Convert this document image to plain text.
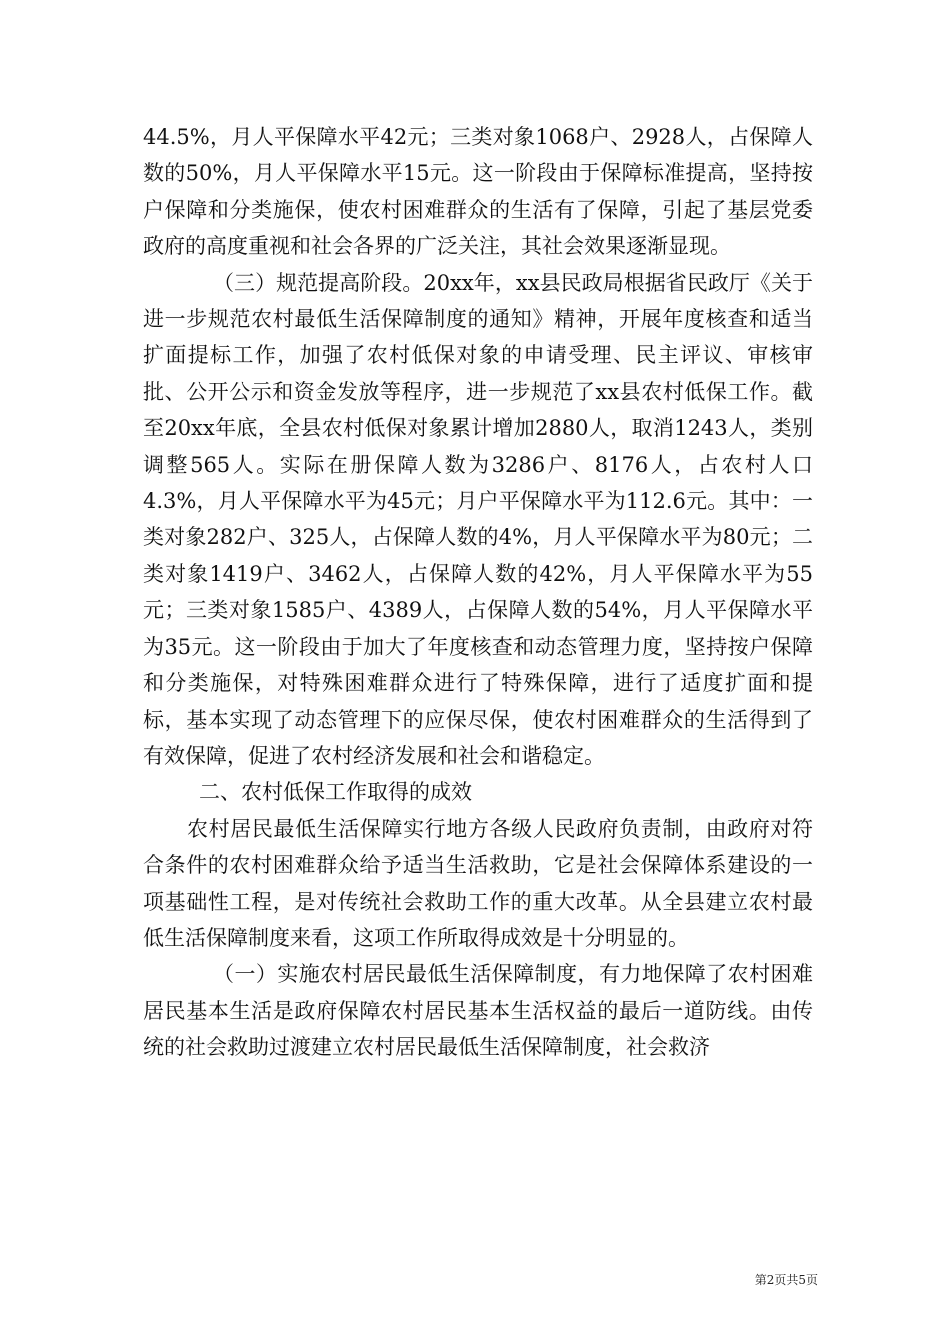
44.5%，月人平保障水平42元；三类对象1068户、2928人，占保障人数的50%，月人平保障水平15元。这一阶段由于保障标准提高，坚持按户保障和分类施保，使农村困难群众的生活有了保障，引起了基层党委政府的高度重视和社会各界的广泛关注，其社会效果逐渐显现。

（三）规范提高阶段。20xx年，xx县民政局根据省民政厅《关于进一步规范农村最低生活保障制度的通知》精神，开展年度核查和适当扩面提标工作，加强了农村低保对象的申请受理、民主评议、审核审批、公开公示和资金发放等程序，进一步规范了xx县农村低保工作。截至20xx年底，全县农村低保对象累计增加2880人，取消1243人，类别调整565人。实际在册保障人数为3286户、8176人，占农村人口4.3%，月人平保障水平为45元；月户平保障水平为112.6元。其中：一类对象282户、325人，占保障人数的4%，月人平保障水平为80元；二类对象1419户、3462人，占保障人数的42%，月人平保障水平为55元；三类对象1585户、4389人，占保障人数的54%，月人平保障水平为35元。这一阶段由于加大了年度核查和动态管理力度，坚持按户保障和分类施保，对特殊困难群众进行了特殊保障，进行了适度扩面和提标，基本实现了动态管理下的应保尽保，使农村困难群众的生活得到了有效保障，促进了农村经济发展和社会和谐稳定。

二、农村低保工作取得的成效

农村居民最低生活保障实行地方各级人民政府负责制，由政府对符合条件的农村困难群众给予适当生活救助，它是社会保障体系建设的一项基础性工程，是对传统社会救助工作的重大改革。从全县建立农村最低生活保障制度来看，这项工作所取得成效是十分明显的。

（一）实施农村居民最低生活保障制度，有力地保障了农村困难居民基本生活是政府保障农村居民基本生活权益的最后一道防线。由传统的社会救助过渡建立农村居民最低生活保障制度，社会救济

第2页共5页
